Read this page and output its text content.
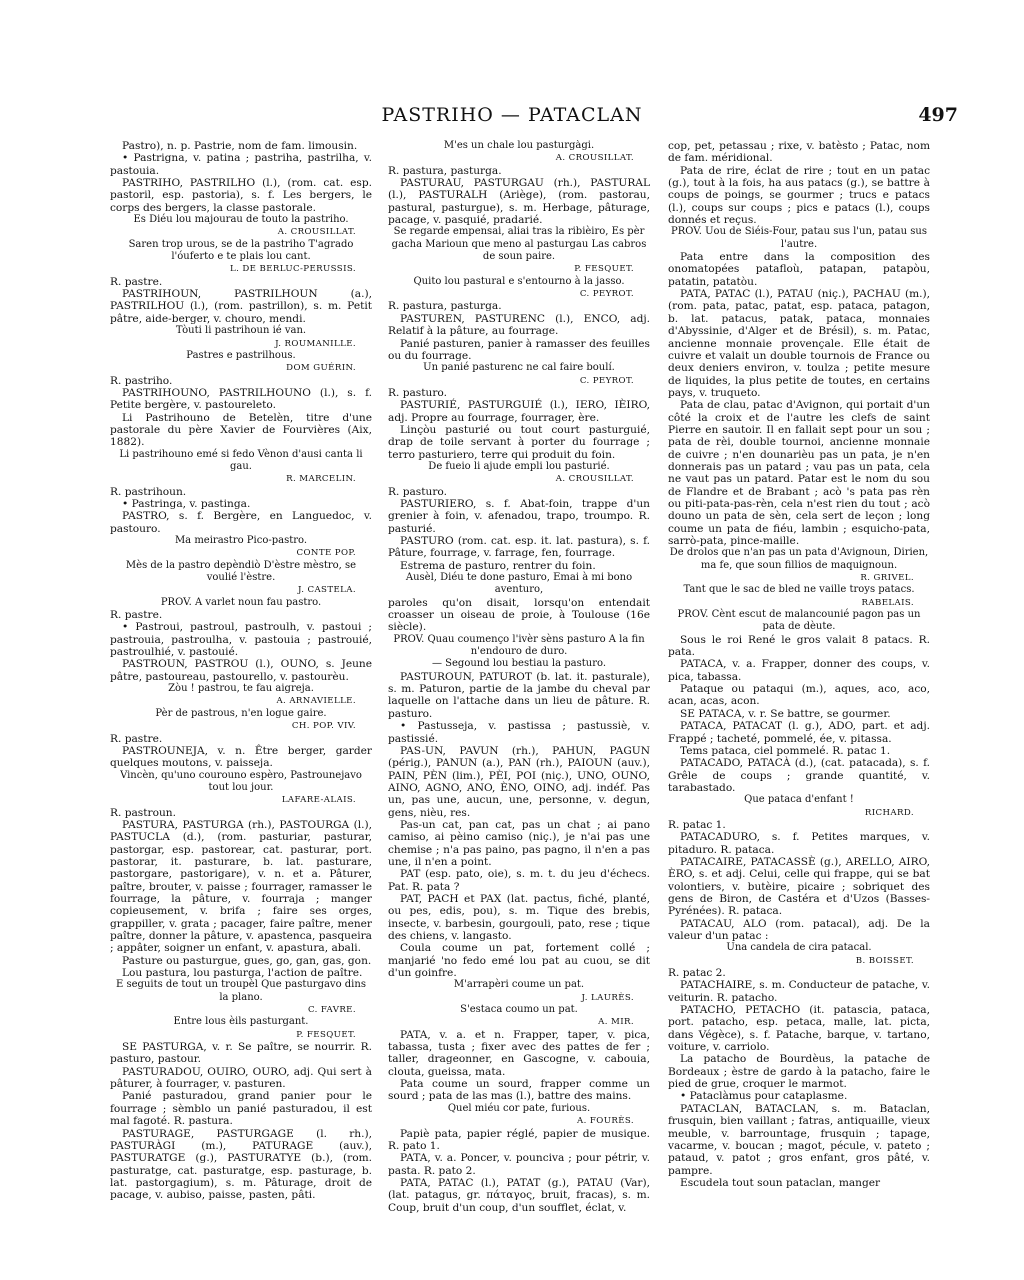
PASTRIHO — PATACLAN	497

Pastro), n. p. Pastrie, nom de fam. limousin.

• Pastrigna, v. patina ; pastriha, pastrilha, v. pastouia.

PASTRIHO, PASTRILHO (l.), (rom. cat. esp. pastoril, esp. pastoria), s. f. Les bergers, le corps des bergers, la classe pastorale.

Es Diéu lou majourau de touto la pastriho.

A. CROUSILLAT.

Saren trop urous, se de la pastriho T'agrado l'óuferto e te plais lou cant.

L. DE BERLUC-PERUSSIS.

R. pastre.

PASTRIHOUN, PASTRILHOUN (a.), PASTRILHOU (l.), (rom. pastrillon), s. m. Petit pâtre, aide-berger, v. chouro, mendi.

Tòuti li pastrihoun ié van.

J. ROUMANILLE.

Pastres e pastrilhous.

DOM GUÉRIN.

R. pastriho.

PASTRIHOUNO, PASTRILHOUNO (l.), s. f. Petite bergère, v. pastoureleto.

Li Pastrihouno de Betelèn, titre d'une pastorale du père Xavier de Fourvières (Aix, 1882).

Li pastrihouno emé si fedo Vènon d'ausi canta li gau.

R. MARCELIN.

R. pastrihoun.

• Pastringa, v. pastinga.

PASTRO, s. f. Bergère, en Languedoc, v. pastouro.

Ma meirastro Pico-pastro.

CONTE POP.

Mès de la pastro depèndiò D'èstre mèstro, se voulié l'èstre.

J. CASTELA.

PROV. A varlet noun fau pastro.

R. pastre.

• Pastroui, pastroul, pastroulh, v. pastoui ; pastrouia, pastroulha, v. pastouia ; pastrouié, pastroulhié, v. pastouié.

PASTROUN, PASTROU (l.), OUNO, s. Jeune pâtre, pastoureau, pastourello, v. pastourèu.

Zòu ! pastrou, te fau aigreja.

A. ARNAVIELLE.

Pèr de pastrous, n'en logue gaire.

CH. POP. VIV.

R. pastre.

PASTROUNEJA, v. n. Être berger, garder quelques moutons, v. paisseja.

Vincèn, qu'uno courouno espèro, Pastrounejavo tout lou jour.

LAFARE-ALAIS.

R. pastroun.

PASTURA, PASTURGA (rh.), PASTOURGA (l.), PASTUCLA (d.), (rom. pasturiar, pasturar, pastorgar, esp. pastorear, cat. pasturar, port. pastorar, it. pasturare, b. lat. pasturare, pastorgare, pastorigare), v. n. et a. Pâturer, paître, brouter, v. paisse ; fourrager, ramasser le fourrage, la pâture, v. fourraja ; manger copieusement, v. brifa ; faire ses orges, grappiller, v. grata ; pacager, faire paître, mener paître, donner la pâture, v. apastenca, pasqueira ; appâter, soigner un enfant, v. apastura, abali.

Pasture ou pasturgue, gues, go, gan, gas, gon.

Lou pastura, lou pasturga, l'action de paître.

E seguits de tout un troupèl Que pasturgavo dins la plano.

C. FAVRE.

Entre lous èils pasturgant.

P. FESQUET.

SE PASTURGA, v. r. Se paître, se nourrir. R. pasturo, pastour.

PASTURADOU, OUIRO, OURO, adj. Qui sert à pâturer, à fourrager, v. pasturen.

Panié pasturadou, grand panier pour le fourrage ; sèmblo un panié pasturadou, il est mal fagoté. R. pastura.

PASTURAGE, PASTURGAGE (l. rh.), PASTURÀGI (m.), PATURAGE (auv.), PASTURATGE (g.), PASTURATYE (b.), (rom. pasturatge, cat. pasturatge, esp. pasturage, b. lat. pastorgagium), s. m. Pâturage, droit de pacage, v. aubiso, paisse, pasten, pâti.

M'es un chale lou pasturgàgi.

A. CROUSILLAT.

R. pastura, pasturga.

PASTURAU, PASTURGAU (rh.), PASTURAL (l.), PASTURALH (Ariège), (rom. pastorau, pastural, pasturgue), s. m. Herbage, pâturage, pacage, v. pasquié, pradarié.

Se regarde empensai, aliai tras la ribièiro, Es pèr gacha Marioun que meno al pasturgau Las cabros de soun paire.

P. FESQUET.

Quito lou pastural e s'entourno à la jasso.

C. PEYROT.

R. pastura, pasturga.

PASTUREN, PASTURENC (l.), ENCO, adj. Relatif à la pâture, au fourrage.

Panié pasturen, panier à ramasser des feuilles ou du fourrage.

Un panié pasturenc ne cal faire boulí.

C. PEYROT.

R. pasturo.

PASTURIÉ, PASTURGUIÉ (l.), IERO, IÈIRO, adj. Propre au fourrage, fourrager, ère.

Linçòu pasturié ou tout court pasturguié, drap de toile servant à porter du fourrage ; terro pasturiero, terre qui produit du foin.

De fueio li ajude empli lou pasturié.

A. CROUSILLAT.

R. pasturo.

PASTURIERO, s. f. Abat-foin, trappe d'un grenier à foin, v. afenadou, trapo, troumpo. R. pasturié.

PASTURO (rom. cat. esp. it. lat. pastura), s. f. Pâture, fourrage, v. farrage, fen, fourrage.

Estrema de pasturo, rentrer du foin.

Ausèl, Diéu te done pasturo, Emai à mi bono aventuro,

paroles qu'on disait, lorsqu'on entendait croasser un oiseau de proie, à Toulouse (16e siècle).

PROV. Quau coumenço l'ivèr sèns pasturo A la fin n'endouro de duro.

— Segound lou bestiau la pasturo.

PASTUROUN, PATUROT (b. lat. it. pasturale), s. m. Paturon, partie de la jambe du cheval par laquelle on l'attache dans un lieu de pâture. R. pasturo.

• Pastusseja, v. pastissa ; pastussiè, v. pastissié.

PAS-UN, PAVUN (rh.), PAHUN, PAGUN (périg.), PANUN (a.), PAN (rh.), PAIOUN (auv.), PAIN, PÈN (lim.), PÈI, POI (niç.), UNO, OUNO, AINO, AGNO, ANO, ÈNO, OINO, adj. indéf. Pas un, pas une, aucun, une, personne, v. degun, gens, nièu, res.

Pas-un cat, pan cat, pas un chat ; ai pano camiso, ai pèino camiso (niç.), je n'ai pas une chemise ; n'a pas paino, pas pagno, il n'en a pas une, il n'en a point.

PAT (esp. pato, oie), s. m. t. du jeu d'échecs. Pat. R. pata ?

PAT, PACH et PAX (lat. pactus, fiché, planté, ou pes, edis, pou), s. m. Tique des brebis, insecte, v. barbesin, gourgouli, pato, rese ; tique des chiens, v. langasto.

Coula coume un pat, fortement collé ; manjarié 'no fedo emé lou pat au cuou, se dit d'un goinfre.

M'arrapèri coume un pat.

J. LAURÈS.

S'estaca coumo un pat.

A. MIR.

PATA, v. a. et n. Frapper, taper, v. pica, tabassa, tusta ; fixer avec des pattes de fer ; taller, drageonner, en Gascogne, v. cabouia, clouta, gueissa, mata.

Pata coume un sourd, frapper comme un sourd ; pata de las mas (l.), battre des mains.

Quel miéu cor pate, furious.

A. FOURÈS.

Papiè pata, papier réglé, papier de musique. R. pato 1.

PATA, v. a. Poncer, v. pounciva ; pour pétrir, v. pasta. R. pato 2.

PATA, PATAC (l.), PATAT (g.), PATAU (Var), (lat. patagus, gr. πάταγος, bruit, fracas), s. m. Coup, bruit d'un coup, d'un soufflet, éclat, v.

cop, pet, petassau ; rixe, v. batèsto ; Patac, nom de fam. méridional.

Pata de rire, éclat de rire ; tout en un patac (g.), tout à la fois, ha aus patacs (g.), se battre à coups de poings, se gourmer ; trucs e patacs (l.), coups sur coups ; pics e patacs (l.), coups donnés et reçus.

PROV. Uou de Siéis-Four, patau sus l'un, patau sus l'autre.

Pata entre dans la composition des onomatopées patafloù, patapan, patapòu, patatin, patatòu.

PATA, PATAC (l.), PATAU (niç.), PACHAU (m.), (rom. pata, patac, patat, esp. pataca, patagon, b. lat. patacus, patak, pataca, monnaies d'Abyssinie, d'Alger et de Brésil), s. m. Patac, ancienne monnaie provençale. Elle était de cuivre et valait un double tournois de France ou deux deniers environ, v. toulza ; petite mesure de liquides, la plus petite de toutes, en certains pays, v. truqueto.

Pata de clau, patac d'Avignon, qui portait d'un côté la croix et de l'autre les clefs de saint Pierre en sautoir. Il en fallait sept pour un sou ; pata de rèi, double tournoi, ancienne monnaie de cuivre ; n'en dounarièu pas un pata, je n'en donnerais pas un patard ; vau pas un pata, cela ne vaut pas un patard. Patar est le nom du sou de Flandre et de Brabant ; acò 's pata pas rèn ou piti-pata-pas-rèn, cela n'est rien du tout ; acò douno un pata de sèn, cela sert de leçon ; long coume un pata de fiéu, lambin ; esquicho-pata, sarrò-pata, pince-maille.

De drolos que n'an pas un pata d'Avignoun, Dirien, ma fe, que soun fillios de maquignoun.

R. GRIVEL.

Tant que le sac de bled ne vaille troys patacs.

RABELAIS.

PROV. Cènt escut de malancounié pagon pas un pata de dèute.

Sous le roi René le gros valait 8 patacs. R. pata.

PATACA, v. a. Frapper, donner des coups, v. pica, tabassa.

Pataque ou pataqui (m.), aques, aco, aco, acan, acas, acon.

SE PATACA, v. r. Se battre, se gourmer.

PATACA, PATACAT (l. g.), ADO, part. et adj. Frappé ; tacheté, pommelé, ée, v. pitassa.

Tems pataca, ciel pommelé. R. patac 1.

PATACADO, PATACÀ (d.), (cat. patacada), s. f. Grêle de coups ; grande quantité, v. tarabastado.

Que pataca d'enfant !

RICHARD.

R. patac 1.

PATACADURO, s. f. Petites marques, v. pitaduro. R. pataca.

PATACAIRE, PATACASSÈ (g.), ARELLO, AIRO, ÈRO, s. et adj. Celui, celle qui frappe, qui se bat volontiers, v. butèire, picaire ; sobriquet des gens de Biron, de Castéra et d'Uzos (Basses-Pyrénées). R. pataca.

PATACAU, ALO (rom. patacal), adj. De la valeur d'un patac :

Una candela de cira patacal.

B. BOISSET.

R. patac 2.

PATACHAIRE, s. m. Conducteur de patache, v. veiturin. R. patacho.

PATACHO, PETACHO (it. patascia, pataca, port. patacho, esp. petaca, malle, lat. picta, dans Végèce), s. f. Patache, barque, v. tartano, voiture, v. carriolo.

La patacho de Bourdèus, la patache de Bordeaux ; èstre de gardo à la patacho, faire le pied de grue, croquer le marmot.

• Pataclàmus pour cataplasme.

PATACLAN, BATACLAN, s. m. Bataclan, frusquin, bien vaillant ; fatras, antiquaille, vieux meuble, v. barrountage, frusquin ; tapage, vacarme, v. boucan ; magot, pécule, v. pateto ; pataud, v. patot ; gros enfant, gros pâté, v. pampre.

Escudela tout soun pataclan, manger
